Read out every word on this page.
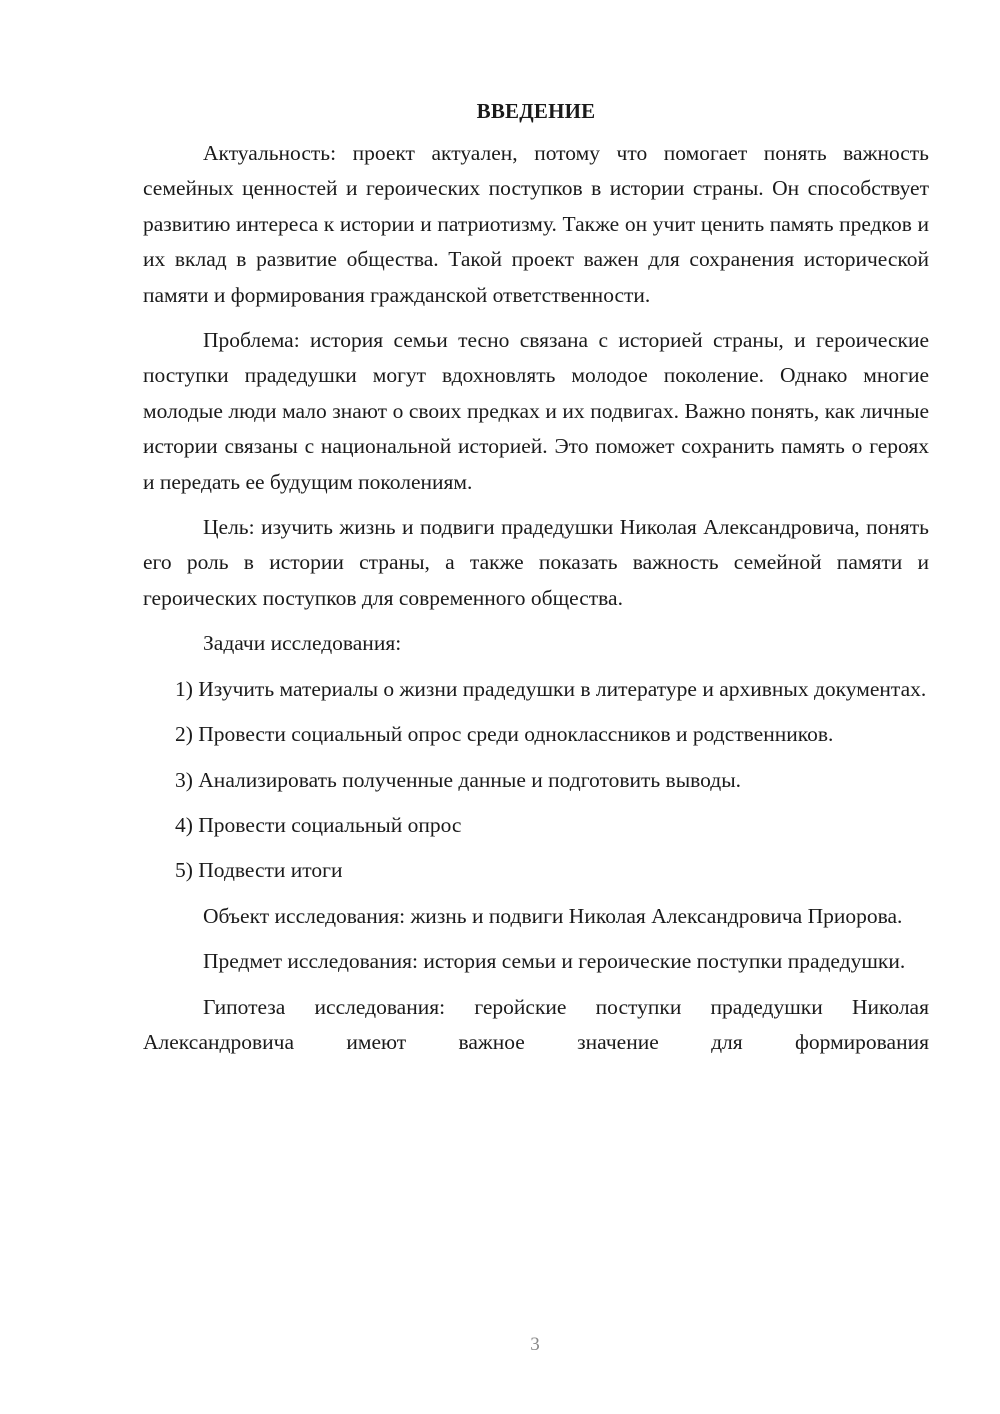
ВВЕДЕНИЕ

Актуальность: проект актуален, потому что помогает понять важность семейных ценностей и героических поступков в истории страны. Он способствует развитию интереса к истории и патриотизму. Также он учит ценить память предков и их вклад в развитие общества. Такой проект важен для сохранения исторической памяти и формирования гражданской ответственности.

Проблема: история семьи тесно связана с историей страны, и героические поступки прадедушки могут вдохновлять молодое поколение. Однако многие молодые люди мало знают о своих предках и их подвигах. Важно понять, как личные истории связаны с национальной историей. Это поможет сохранить память о героях и передать ее будущим поколениям.

Цель: изучить жизнь и подвиги прадедушки Николая Александровича, понять его роль в истории страны, а также показать важность семейной памяти и героических поступков для современного общества.

Задачи исследования:

1) Изучить материалы о жизни прадедушки в литературе и архивных документах.

2) Провести социальный опрос среди одноклассников и родственников.

3) Анализировать полученные данные и подготовить выводы.

4) Провести социальный опрос

5) Подвести итоги

Объект исследования: жизнь и подвиги Николая Александровича Приорова.

Предмет исследования: история семьи и героические поступки прадедушки.

Гипотеза исследования: геройские поступки прадедушки Николая Александровича имеют важное значение для формирования

3
